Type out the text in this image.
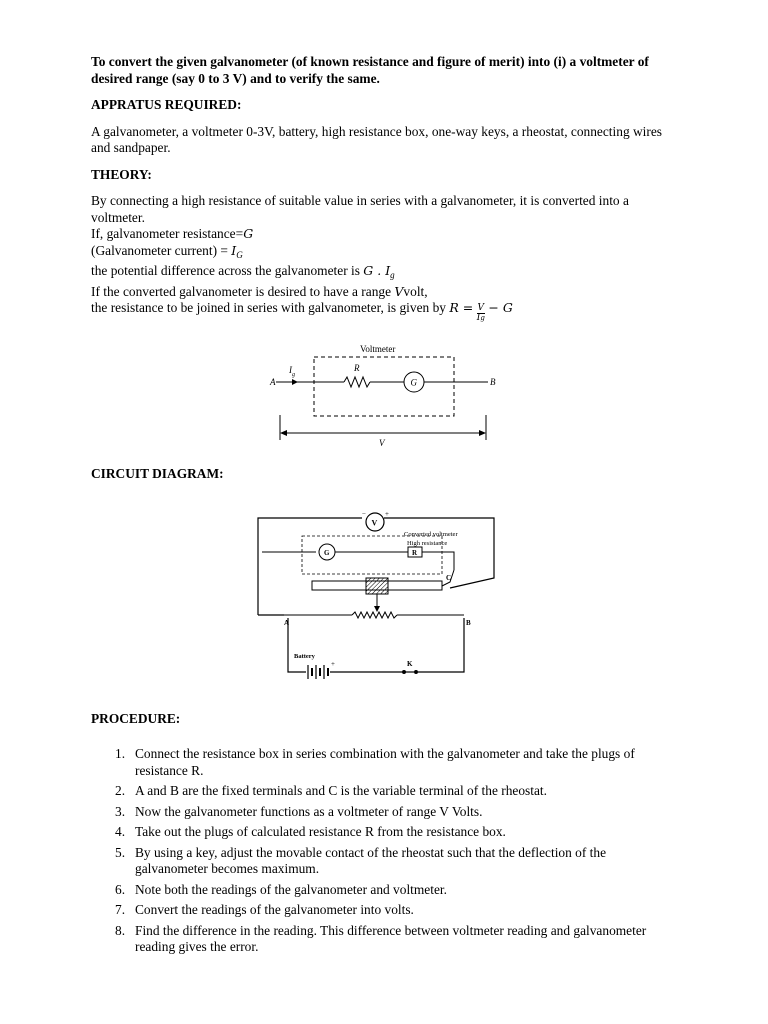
To convert the given galvanometer (of known resistance and figure of merit) into (i) a voltmeter of desired range (say 0 to 3 V) and to verify the same.
APPRATUS REQUIRED:
A galvanometer, a voltmeter 0-3V, battery, high resistance box, one-way keys, a rheostat, connecting wires and sandpaper.
THEORY:
By connecting a high resistance of suitable value in series with a galvanometer, it is converted into a voltmeter.
If, galvanometer resistance=G
(Galvanometer current) = $I_G$
the potential difference across the galvanometer is G . $I_g$
If the converted galvanometer is desired to have a range Vvolt,
the resistance to be joined in series with galvanometer, is given by $R = \frac{V}{Ig} - G$
Voltmeter
G
A	B
$I_g$
R
V
CIRCUIT DIAGRAM:
V
−	+
Converted voltmeter
High resistance
G	R
C
A	B
Battery
+	K
PROCEDURE:
1. Connect the resistance box in series combination with the galvanometer and take the plugs of resistance R.
2. A and B are the fixed terminals and C is the variable terminal of the rheostat.
3. Now the galvanometer functions as a voltmeter of range V Volts.
4. Take out the plugs of calculated resistance R from the resistance box.
5. By using a key, adjust the movable contact of the rheostat such that the deflection of the galvanometer becomes maximum.
6. Note both the readings of the galvanometer and voltmeter.
7. Convert the readings of the galvanometer into volts.
8. Find the difference in the reading. This difference between voltmeter reading and galvanometer reading gives the error.
